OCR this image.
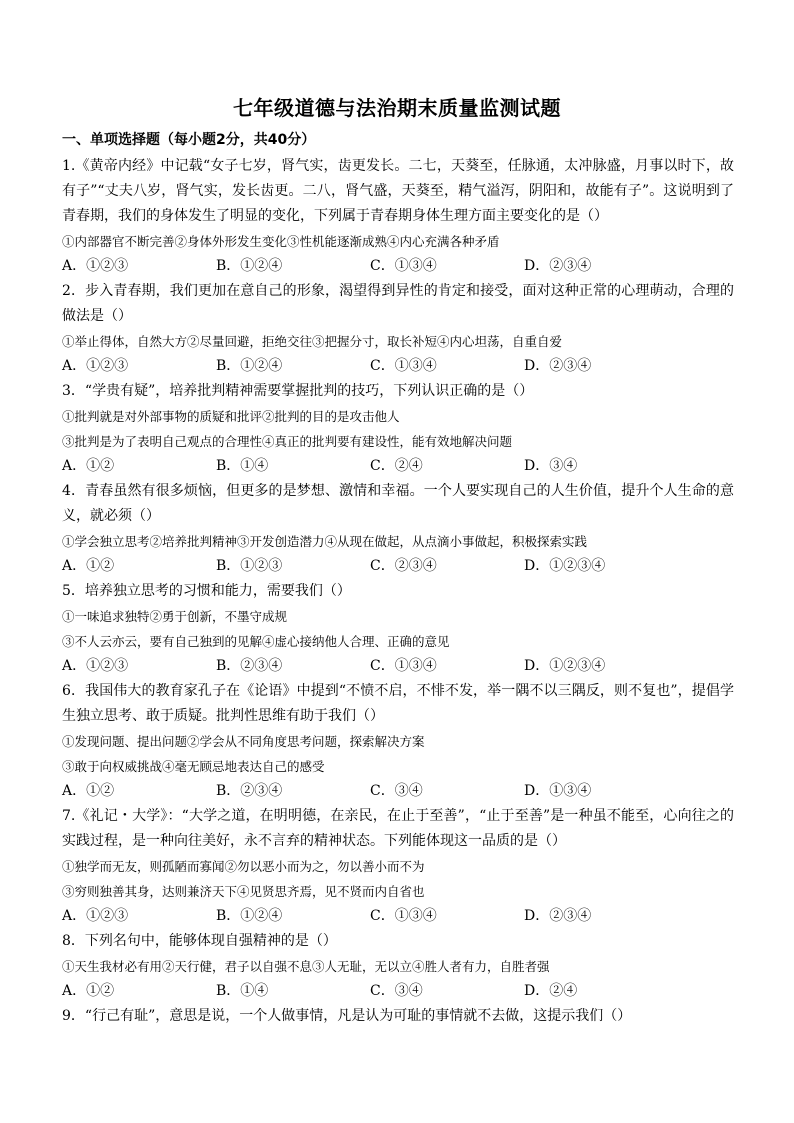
七年级道德与法治期末质量监测试题
一、单项选择题（每小题2分，共40分）

1.《黄帝内经》中记载“女子七岁，肾气实，齿更发长。二七，天葵至，任脉通，太冲脉盛，月事以时下，故有子”“丈夫八岁，肾气实，发长齿更。二八，肾气盛，天葵至，精气溢泻，阴阳和，故能有子”。这说明到了青春期，我们的身体发生了明显的变化，下列属于青春期身体生理方面主要变化的是（）

①内部器官不断完善②身体外形发生变化③性机能逐渐成熟④内心充满各种矛盾

A．①②③	B．①②④	C．①③④	D．②③④

2．步入青春期，我们更加在意自己的形象，渴望得到异性的肯定和接受，面对这种正常的心理萌动，合理的做法是（）

①举止得体，自然大方②尽量回避，拒绝交往③把握分寸，取长补短④内心坦荡，自重自爱

A．①②③	B．①②④	C．①③④	D．②③④

3．“学贵有疑”，培养批判精神需要掌握批判的技巧，下列认识正确的是（）

①批判就是对外部事物的质疑和批评②批判的目的是攻击他人

③批判是为了表明自己观点的合理性④真正的批判要有建设性，能有效地解决问题

A．①②	B．①④	C．②④	D．③④

4．青春虽然有很多烦恼，但更多的是梦想、激情和幸福。一个人要实现自己的人生价值，提升个人生命的意义，就必须（）

①学会独立思考②培养批判精神③开发创造潜力④从现在做起，从点滴小事做起，积极探索实践

A．①②	B．①②③	C．②③④	D．①②③④

5．培养独立思考的习惯和能力，需要我们（）

①一味追求独特②勇于创新，不墨守成规

③不人云亦云，要有自己独到的见解④虚心接纳他人合理、正确的意见

A．①②③	B．②③④	C．①③④	D．①②③④

6．我国伟大的教育家孔子在《论语》中提到“不愤不启，不悱不发，举一隅不以三隅反，则不复也”，提倡学生独立思考、敢于质疑。批判性思维有助于我们（）

①发现问题、提出问题②学会从不同角度思考问题，探索解决方案

③敢于向权威挑战④毫无顾忌地表达自己的感受

A．①②	B．②③④	C．③④	D．①③④

7.《礼记・大学》：“大学之道，在明明德，在亲民，在止于至善”，“止于至善”是一种虽不能至，心向往之的实践过程，是一种向往美好，永不言弃的精神状态。下列能体现这一品质的是（）

①独学而无友，则孤陋而寡闻②勿以恶小而为之，勿以善小而不为

③穷则独善其身，达则兼济天下④见贤思齐焉，见不贤而内自省也

A．①②③	B．①②④	C．①③④	D．②③④

8．下列名句中，能够体现自强精神的是（）

①天生我材必有用②天行健，君子以自强不息③人无耻，无以立④胜人者有力，自胜者强

A．①②	B．①④	C．③④	D．②④

9．“行己有耻”，意思是说，一个人做事情，凡是认为可耻的事情就不去做，这提示我们（）
